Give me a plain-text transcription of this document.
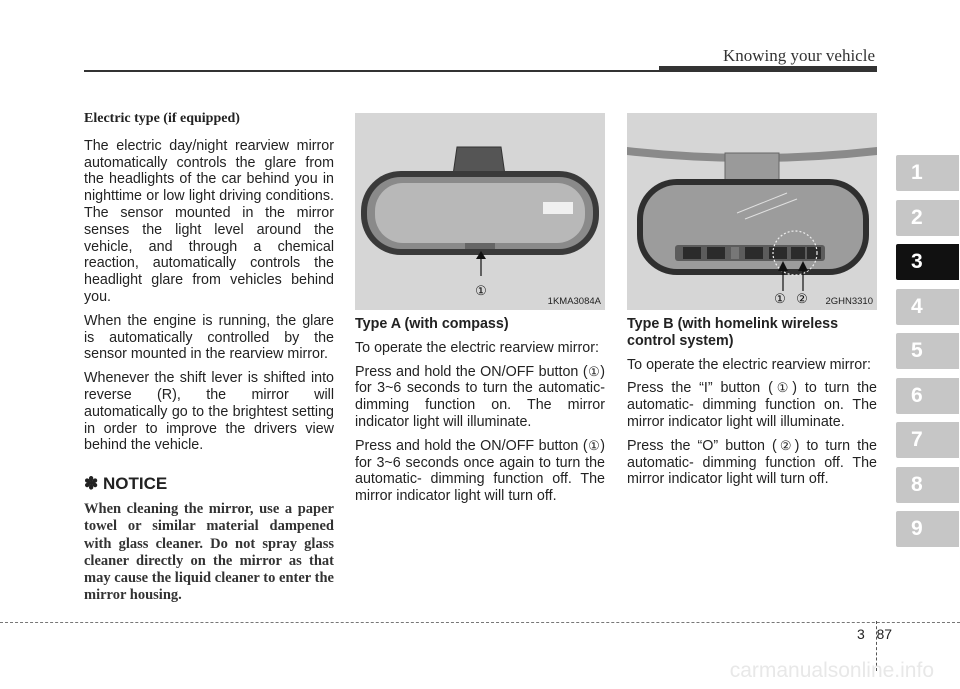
Knowing your vehicle

Electric type (if equipped)

The electric day/night rearview mirror automatically controls the glare from the headlights of the car behind you in nighttime or low light driving conditions. The sensor mounted in the mirror senses the light level around the vehicle, and through a chemical reaction, automatically controls the headlight glare from vehicles behind you.

When the engine is running, the glare is automatically controlled by the sensor mounted in the rearview mirror.

Whenever the shift lever is shifted into reverse (R), the mirror will automatically go to the brightest setting in order to improve the drivers view behind the vehicle.

✽ NOTICE

When cleaning the mirror, use a paper towel or similar material dampened with glass cleaner. Do not spray glass cleaner directly on the mirror as that may cause the liquid cleaner to enter the mirror housing.

①
1KMA3084A	① ② 2GHN3310

Type A (with compass)

To operate the electric rearview mirror:

Press and hold the ON/OFF button (①) for 3~6 seconds to turn the automatic- dimming function on. The mirror indicator light will illuminate.

Press and hold the ON/OFF button (①) for 3~6 seconds once again to turn the automatic- dimming function off. The mirror indicator light will turn off.

Type B (with homelink wireless control system)

To operate the electric rearview mirror:

Press the “I” button (①) to turn the automatic- dimming function on. The mirror indicator light will illuminate.

Press the “O” button (②) to turn the automatic- dimming function off. The mirror indicator light will turn off.

1
2
3
4
5
6
7
8
9
3 87
carmanualsonline.info
